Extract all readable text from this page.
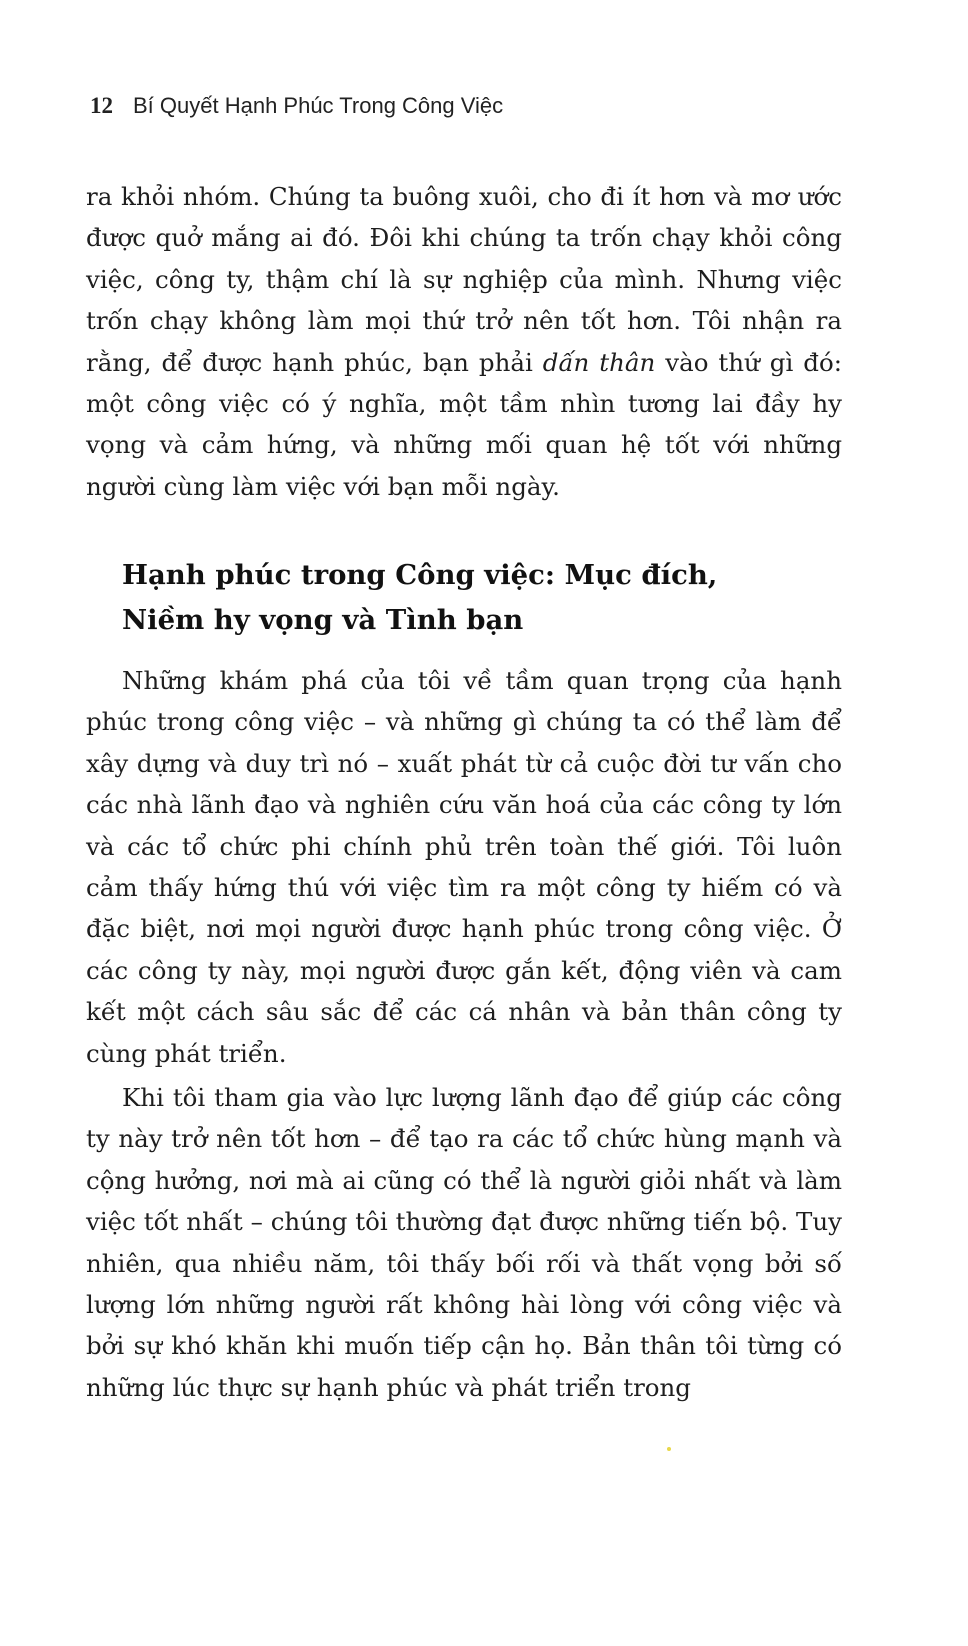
12 Bí Quyết Hạnh Phúc Trong Công Việc
ra khỏi nhóm. Chúng ta buông xuôi, cho đi ít hơn và mơ ước được quở mắng ai đó. Đôi khi chúng ta trốn chạy khỏi công việc, công ty, thậm chí là sự nghiệp của mình. Nhưng việc trốn chạy không làm mọi thứ trở nên tốt hơn. Tôi nhận ra rằng, để được hạnh phúc, bạn phải dấn thân vào thứ gì đó: một công việc có ý nghĩa, một tầm nhìn tương lai đầy hy vọng và cảm hứng, và những mối quan hệ tốt với những người cùng làm việc với bạn mỗi ngày.
Hạnh phúc trong Công việc: Mục đích,
Niềm hy vọng và Tình bạn
Những khám phá của tôi về tầm quan trọng của hạnh phúc trong công việc – và những gì chúng ta có thể làm để xây dựng và duy trì nó – xuất phát từ cả cuộc đời tư vấn cho các nhà lãnh đạo và nghiên cứu văn hoá của các công ty lớn và các tổ chức phi chính phủ trên toàn thế giới. Tôi luôn cảm thấy hứng thú với việc tìm ra một công ty hiếm có và đặc biệt, nơi mọi người được hạnh phúc trong công việc. Ở các công ty này, mọi người được gắn kết, động viên và cam kết một cách sâu sắc để các cá nhân và bản thân công ty cùng phát triển.
Khi tôi tham gia vào lực lượng lãnh đạo để giúp các công ty này trở nên tốt hơn – để tạo ra các tổ chức hùng mạnh và cộng hưởng, nơi mà ai cũng có thể là người giỏi nhất và làm việc tốt nhất – chúng tôi thường đạt được những tiến bộ. Tuy nhiên, qua nhiều năm, tôi thấy bối rối và thất vọng bởi số lượng lớn những người rất không hài lòng với công việc và bởi sự khó khăn khi muốn tiếp cận họ. Bản thân tôi từng có những lúc thực sự hạnh phúc và phát triển trong
